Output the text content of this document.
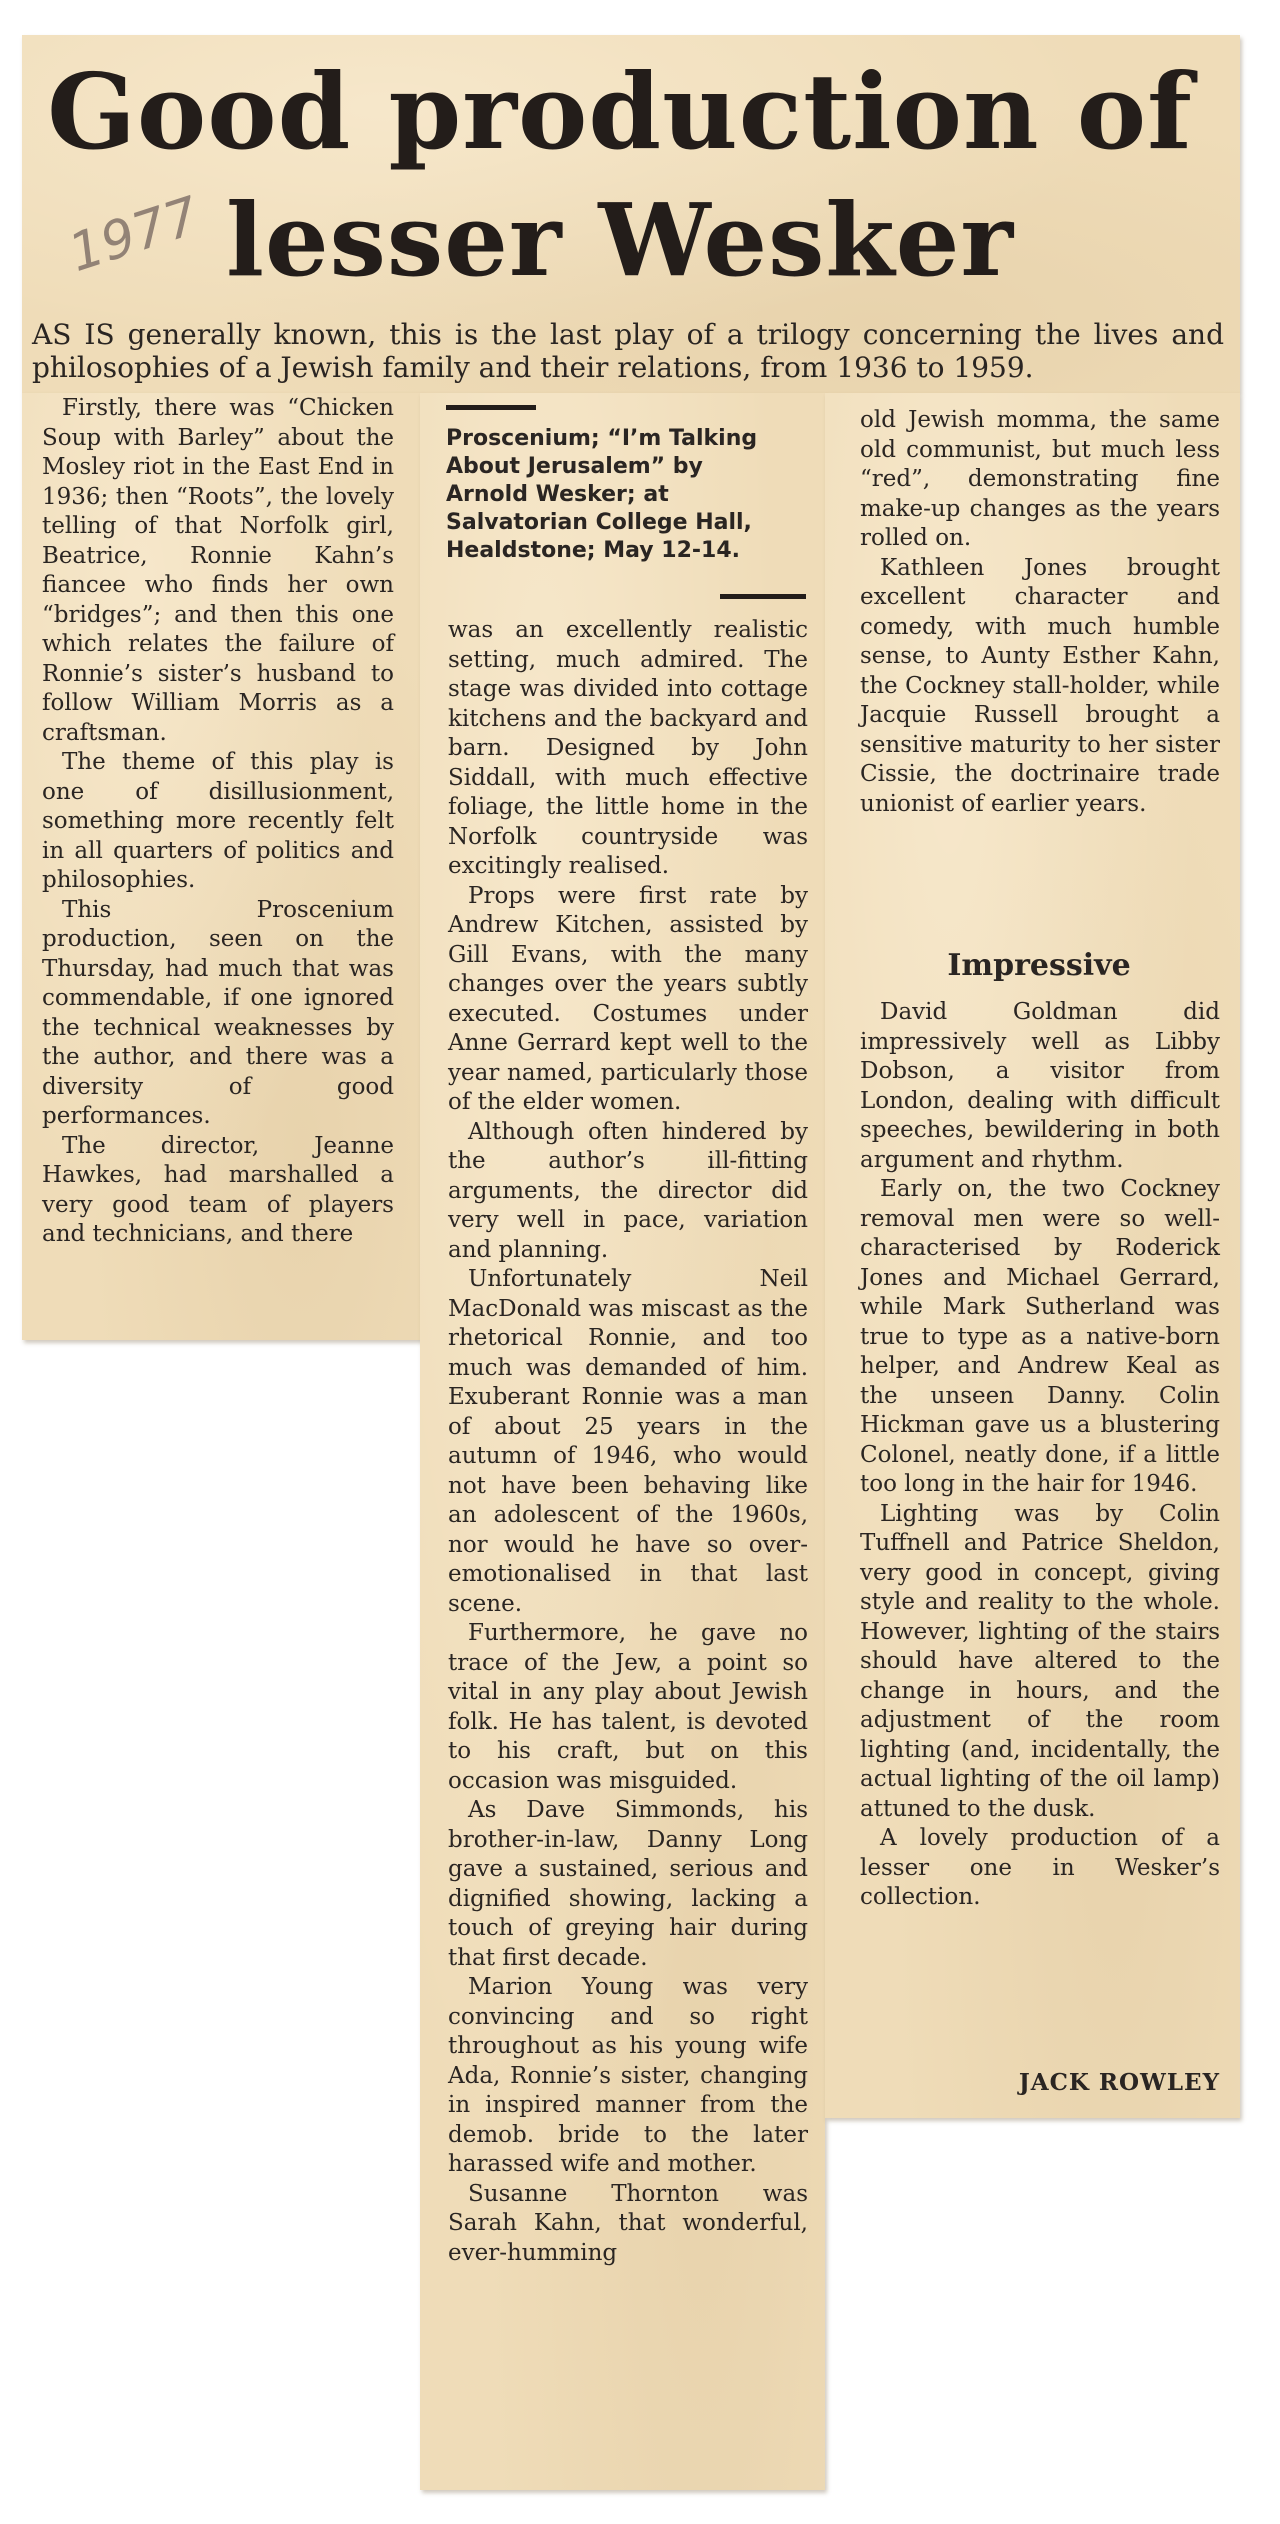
Good production of
lesser Wesker
1977
AS IS generally known, this is the last play of a trilogy concerning the lives and philosophies of a Jewish family and their relations, from 1936 to 1959.

Firstly, there was “Chicken Soup with Barley” about the Mosley riot in the East End in 1936; then “Roots”, the lovely telling of that Norfolk girl, Beatrice, Ronnie Kahn’s fiancee who finds her own “bridges”; and then this one which relates the failure of Ronnie’s sister’s husband to follow William Morris as a craftsman.

The theme of this play is one of disillusionment, something more recently felt in all quarters of politics and philosophies.

This Proscenium production, seen on the Thursday, had much that was commendable, if one ignored the technical weaknesses by the author, and there was a diversity of good performances.

The director, Jeanne Hawkes, had marshalled a very good team of players and technicians, and there

Proscenium; “I’m Talking About Jerusalem” by Arnold Wesker; at Salvatorian College Hall, Healdstone; May 12-14.

was an excellently realistic setting, much admired. The stage was divided into cottage kitchens and the backyard and barn. Designed by John Siddall, with much effective foliage, the little home in the Norfolk countryside was excitingly realised.

Props were first rate by Andrew Kitchen, assisted by Gill Evans, with the many changes over the years subtly executed. Costumes under Anne Gerrard kept well to the year named, particularly those of the elder women.

Although often hindered by the author’s ill-fitting arguments, the director did very well in pace, variation and planning.

Unfortunately Neil MacDonald was miscast as the rhetorical Ronnie, and too much was demanded of him. Exuberant Ronnie was a man of about 25 years in the autumn of 1946, who would not have been behaving like an adolescent of the 1960s, nor would he have so over-emotionalised in that last scene.

Furthermore, he gave no trace of the Jew, a point so vital in any play about Jewish folk. He has talent, is devoted to his craft, but on this occasion was misguided.

As Dave Simmonds, his brother-in-law, Danny Long gave a sustained, serious and dignified showing, lacking a touch of greying hair during that first decade.

Marion Young was very convincing and so right throughout as his young wife Ada, Ronnie’s sister, changing in inspired manner from the demob. bride to the later harassed wife and mother.

Susanne Thornton was Sarah Kahn, that wonderful, ever-humming

old Jewish momma, the same old communist, but much less “red”, demonstrating fine make-up changes as the years rolled on.

Kathleen Jones brought excellent character and comedy, with much humble sense, to Aunty Esther Kahn, the Cockney stall-holder, while Jacquie Russell brought a sensitive maturity to her sister Cissie, the doctrinaire trade unionist of earlier years.

Impressive

David Goldman did impressively well as Libby Dobson, a visitor from London, dealing with difficult speeches, bewildering in both argument and rhythm.

Early on, the two Cockney removal men were so well-characterised by Roderick Jones and Michael Gerrard, while Mark Sutherland was true to type as a native-born helper, and Andrew Keal as the unseen Danny. Colin Hickman gave us a blustering Colonel, neatly done, if a little too long in the hair for 1946.

Lighting was by Colin Tuffnell and Patrice Sheldon, very good in concept, giving style and reality to the whole. However, lighting of the stairs should have altered to the change in hours, and the adjustment of the room lighting (and, incidentally, the actual lighting of the oil lamp) attuned to the dusk.

A lovely production of a lesser one in Wesker’s collection.

JACK ROWLEY
